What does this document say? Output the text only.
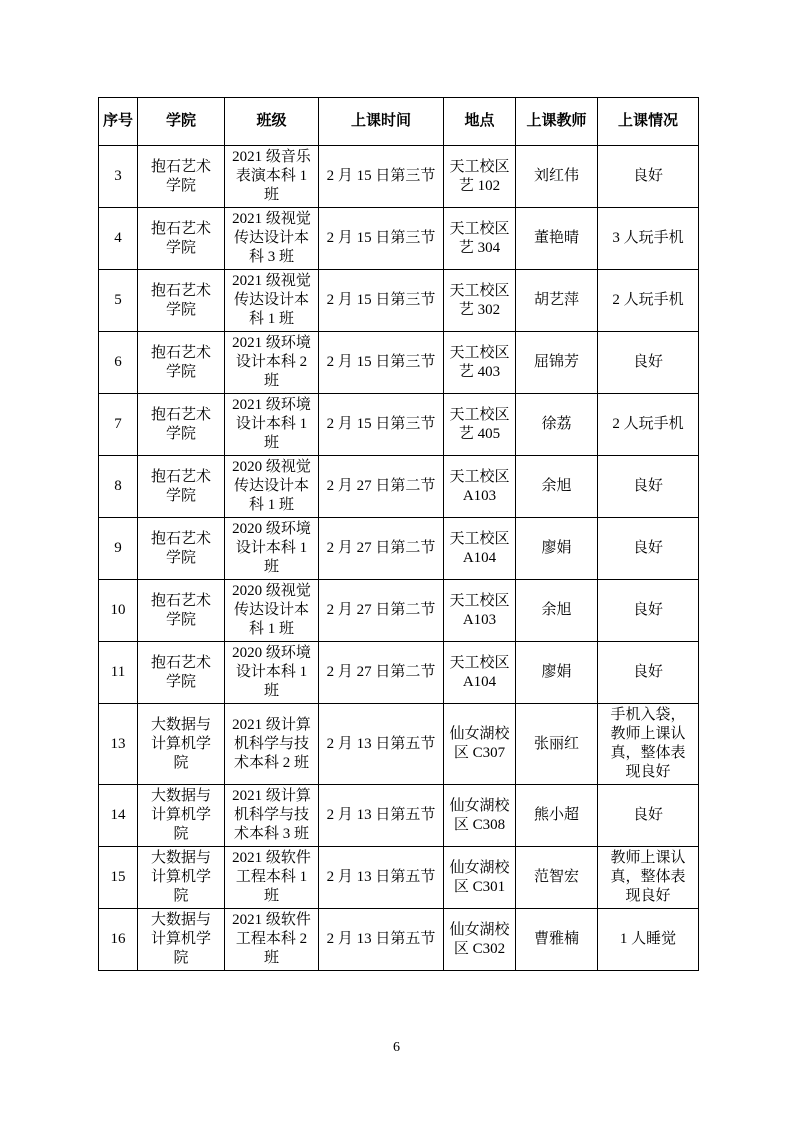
序号	学院	班级	上课时间	地点	上课教师	上课情况
3	抱石艺术学院	2021 级音乐表演本科 1 班	2 月 15 日第三节	天工校区艺 102	刘红伟	良好
4	抱石艺术学院	2021 级视觉传达设计本科 3 班	2 月 15 日第三节	天工校区艺 304	董艳晴	3 人玩手机
5	抱石艺术学院	2021 级视觉传达设计本科 1 班	2 月 15 日第三节	天工校区艺 302	胡艺萍	2 人玩手机
6	抱石艺术学院	2021 级环境设计本科 2 班	2 月 15 日第三节	天工校区艺 403	屈锦芳	良好
7	抱石艺术学院	2021 级环境设计本科 1 班	2 月 15 日第三节	天工校区艺 405	徐荔	2 人玩手机
8	抱石艺术学院	2020 级视觉传达设计本科 1 班	2 月 27 日第二节	天工校区 A103	余旭	良好
9	抱石艺术学院	2020 级环境设计本科 1 班	2 月 27 日第二节	天工校区 A104	廖娟	良好
10	抱石艺术学院	2020 级视觉传达设计本科 1 班	2 月 27 日第二节	天工校区 A103	余旭	良好
11	抱石艺术学院	2020 级环境设计本科 1 班	2 月 27 日第二节	天工校区 A104	廖娟	良好
13	大数据与计算机学院	2021 级计算机科学与技术本科 2 班	2 月 13 日第五节	仙女湖校区 C307	张丽红	手机入袋，教师上课认真，整体表现良好
14	大数据与计算机学院	2021 级计算机科学与技术本科 3 班	2 月 13 日第五节	仙女湖校区 C308	熊小超	良好
15	大数据与计算机学院	2021 级软件工程本科 1 班	2 月 13 日第五节	仙女湖校区 C301	范智宏	教师上课认真，整体表现良好
16	大数据与计算机学院	2021 级软件工程本科 2 班	2 月 13 日第五节	仙女湖校区 C302	曹雅楠	1 人睡觉
6
